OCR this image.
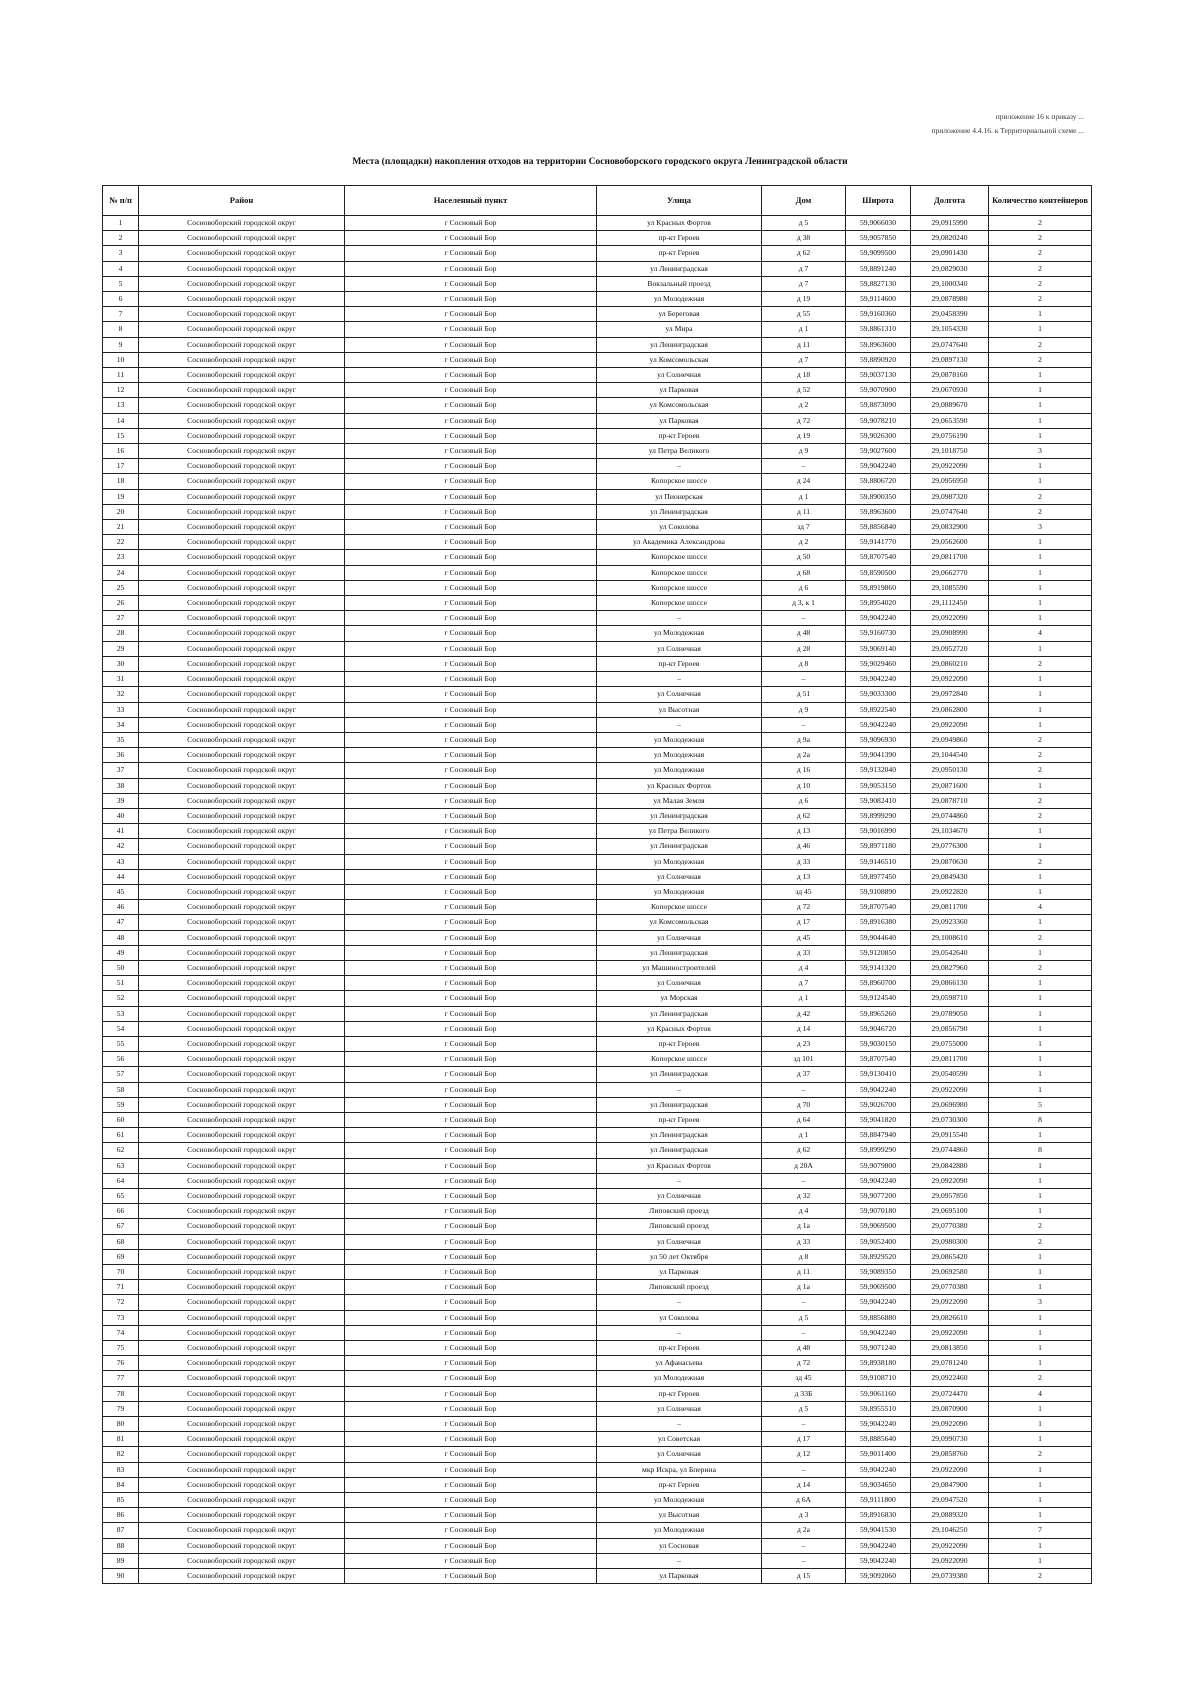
приложение 16 к приказу ...
приложение 4.4.16. к Территориальной схеме ...
Места (площадки) накопления отходов на территории Сосновоборского городского округа Ленинградской области
№ п/п	Район	Населенный пункт	Улица	Дом	Широта	Долгота	Количество контейнеров
1	Сосновоборский городской округ	г Сосновый Бор	ул Красных Фортов	д 5	59,9066030	29,0915990	2
2	Сосновоборский городской округ	г Сосновый Бор	пр-кт Героев	д 38	59,9057850	29,0820240	2
3	Сосновоборский городской округ	г Сосновый Бор	пр-кт Героев	д 62	59,9099500	29,0901430	2
4	Сосновоборский городской округ	г Сосновый Бор	ул Ленинградская	д 7	59,8891240	29,0829030	2
5	Сосновоборский городской округ	г Сосновый Бор	Вокзальный проезд	д 7	59,8827130	29,1000340	2
6	Сосновоборский городской округ	г Сосновый Бор	ул Молодежная	д 19	59,9114600	29,0878980	2
7	Сосновоборский городской округ	г Сосновый Бор	ул Береговая	д 55	59,9160360	29,0458390	1
8	Сосновоборский городской округ	г Сосновый Бор	ул Мира	д 1	59,8861310	29,1054330	1
9	Сосновоборский городской округ	г Сосновый Бор	ул Ленинградская	д 11	59,8963600	29,0747640	2
10	Сосновоборский городской округ	г Сосновый Бор	ул Комсомольская	д 7	59,8890920	29,0897130	2
11	Сосновоборский городской округ	г Сосновый Бор	ул Солнечная	д 18	59,9037130	29,0878160	1
12	Сосновоборский городской округ	г Сосновый Бор	ул Парковая	д 52	59,9070900	29,0670930	1
13	Сосновоборский городской округ	г Сосновый Бор	ул Комсомольская	д 2	59,8873090	29,0889670	1
14	Сосновоборский городской округ	г Сосновый Бор	ул Парковая	д 72	59,9078210	29,0653590	1
15	Сосновоборский городской округ	г Сосновый Бор	пр-кт Героев	д 19	59,9026300	29,0756190	1
16	Сосновоборский городской округ	г Сосновый Бор	ул Петра Великого	д 9	59,9027600	29,1018750	3
17	Сосновоборский городской округ	г Сосновый Бор	–	–	59,9042240	29,0922090	1
18	Сосновоборский городской округ	г Сосновый Бор	Копорское шоссе	д 24	59,8806720	29,0956950	1
19	Сосновоборский городской округ	г Сосновый Бор	ул Пионерская	д 1	59,8900350	29,0987320	2
20	Сосновоборский городской округ	г Сосновый Бор	ул Ленинградская	д 11	59,8963600	29,0747640	2
21	Сосновоборский городской округ	г Сосновый Бор	ул Соколова	зд 7	59,8856840	29,0832900	3
22	Сосновоборский городской округ	г Сосновый Бор	ул Академика Александрова	д 2	59,9141770	29,0562600	1
23	Сосновоборский городской округ	г Сосновый Бор	Копорское шоссе	д 50	59,8707540	29,0811700	1
24	Сосновоборский городской округ	г Сосновый Бор	Копорское шоссе	д 68	59,8590500	29,0662770	1
25	Сосновоборский городской округ	г Сосновый Бор	Копорское шоссе	д 6	59,8919860	29,1085590	1
26	Сосновоборский городской округ	г Сосновый Бор	Копорское шоссе	д 3, к 1	59,8954020	29,1112450	1
27	Сосновоборский городской округ	г Сосновый Бор	–	–	59,9042240	29,0922090	1
28	Сосновоборский городской округ	г Сосновый Бор	ул Молодежная	д 48	59,9160730	29,0908990	4
29	Сосновоборский городской округ	г Сосновый Бор	ул Солнечная	д 28	59,9069140	29,0952720	1
30	Сосновоборский городской округ	г Сосновый Бор	пр-кт Героев	д 8	59,9029460	29,0860210	2
31	Сосновоборский городской округ	г Сосновый Бор	–	–	59,9042240	29,0922090	1
32	Сосновоборский городской округ	г Сосновый Бор	ул Солнечная	д 51	59,9033300	29,0972840	1
33	Сосновоборский городской округ	г Сосновый Бор	ул Высотная	д 9	59,8922540	29,0862800	1
34	Сосновоборский городской округ	г Сосновый Бор	–	–	59,9042240	29,0922090	1
35	Сосновоборский городской округ	г Сосновый Бор	ул Молодежная	д 9а	59,9096930	29,0949860	2
36	Сосновоборский городской округ	г Сосновый Бор	ул Молодежная	д 2а	59,9041390	29,1044540	2
37	Сосновоборский городской округ	г Сосновый Бор	ул Молодежная	д 16	59,9132040	29,0950130	2
38	Сосновоборский городской округ	г Сосновый Бор	ул Красных Фортов	д 10	59,9053150	29,0871600	1
39	Сосновоборский городской округ	г Сосновый Бор	ул Малая Земля	д 6	59,9082410	29,0878710	2
40	Сосновоборский городской округ	г Сосновый Бор	ул Ленинградская	д 62	59,8999290	29,0744860	2
41	Сосновоборский городской округ	г Сосновый Бор	ул Петра Великого	д 13	59,9016990	29,1034670	1
42	Сосновоборский городской округ	г Сосновый Бор	ул Ленинградская	д 46	59,8971180	29,0776300	1
43	Сосновоборский городской округ	г Сосновый Бор	ул Молодежная	д 33	59,9146510	29,0870630	2
44	Сосновоборский городской округ	г Сосновый Бор	ул Солнечная	д 13	59,8977450	29,0849430	1
45	Сосновоборский городской округ	г Сосновый Бор	ул Молодежная	зд 45	59,9108890	29,0922820	1
46	Сосновоборский городской округ	г Сосновый Бор	Копорское шоссе	д 72	59,8707540	29,0811700	4
47	Сосновоборский городской округ	г Сосновый Бор	ул Комсомольская	д 17	59,8916380	29,0923360	1
48	Сосновоборский городской округ	г Сосновый Бор	ул Солнечная	д 45	59,9044640	29,1008610	2
49	Сосновоборский городской округ	г Сосновый Бор	ул Ленинградская	д 33	59,9120850	29,0542640	1
50	Сосновоборский городской округ	г Сосновый Бор	ул Машиностроителей	д 4	59,9141320	29,0827960	2
51	Сосновоборский городской округ	г Сосновый Бор	ул Солнечная	д 7	59,8960700	29,0866130	1
52	Сосновоборский городской округ	г Сосновый Бор	ул Морская	д 1	59,9124540	29,0598710	1
53	Сосновоборский городской округ	г Сосновый Бор	ул Ленинградская	д 42	59,8965260	29,0789050	1
54	Сосновоборский городской округ	г Сосновый Бор	ул Красных Фортов	д 14	59,9046720	29,0856790	1
55	Сосновоборский городской округ	г Сосновый Бор	пр-кт Героев	д 23	59,9030150	29,0755000	1
56	Сосновоборский городской округ	г Сосновый Бор	Копорское шоссе	зд 101	59,8707540	29,0811700	1
57	Сосновоборский городской округ	г Сосновый Бор	ул Ленинградская	д 37	59,9130410	29,0540590	1
58	Сосновоборский городской округ	г Сосновый Бор	–	–	59,9042240	29,0922090	1
59	Сосновоборский городской округ	г Сосновый Бор	ул Ленинградская	д 70	59,9026700	29,0696980	5
60	Сосновоборский городской округ	г Сосновый Бор	пр-кт Героев	д 64	59,9041820	29,0730300	8
61	Сосновоборский городской округ	г Сосновый Бор	ул Ленинградская	д 1	59,8847940	29,0915540	1
62	Сосновоборский городской округ	г Сосновый Бор	ул Ленинградская	д 62	59,8999290	29,0744860	8
63	Сосновоборский городской округ	г Сосновый Бор	ул Красных Фортов	д 20А	59,9079800	29,0842880	1
64	Сосновоборский городской округ	г Сосновый Бор	–	–	59,9042240	29,0922090	1
65	Сосновоборский городской округ	г Сосновый Бор	ул Солнечная	д 32	59,9077200	29,0957850	1
66	Сосновоборский городской округ	г Сосновый Бор	Липовский проезд	д 4	59,9070180	29,0695100	1
67	Сосновоборский городской округ	г Сосновый Бор	Липовский проезд	д 1а	59,9069500	29,0770380	2
68	Сосновоборский городской округ	г Сосновый Бор	ул Солнечная	д 33	59,9052400	29,0980300	2
69	Сосновоборский городской округ	г Сосновый Бор	ул 50 лет Октября	д 8	59,8929520	29,0865420	1
70	Сосновоборский городской округ	г Сосновый Бор	ул Парковая	д 11	59,9089350	29,0692580	1
71	Сосновоборский городской округ	г Сосновый Бор	Липовский проезд	д 1а	59,9069500	29,0770380	1
72	Сосновоборский городской округ	г Сосновый Бор	–	–	59,9042240	29,0922090	3
73	Сосновоборский городской округ	г Сосновый Бор	ул Соколова	д 5	59,8856880	29,0826610	1
74	Сосновоборский городской округ	г Сосновый Бор	–	–	59,9042240	29,0922090	1
75	Сосновоборский городской округ	г Сосновый Бор	пр-кт Героев	д 48	59,9071240	29,0813850	1
76	Сосновоборский городской округ	г Сосновый Бор	ул Афанасьева	д 72	59,8938180	29,0781240	1
77	Сосновоборский городской округ	г Сосновый Бор	ул Молодежная	зд 45	59,9108710	29,0922460	2
78	Сосновоборский городской округ	г Сосновый Бор	пр-кт Героев	д 33Б	59,9061160	29,0724470	4
79	Сосновоборский городской округ	г Сосновый Бор	ул Солнечная	д 5	59,8955510	29,0870900	1
80	Сосновоборский городской округ	г Сосновый Бор	–	–	59,9042240	29,0922090	1
81	Сосновоборский городской округ	г Сосновый Бор	ул Советская	д 17	59,8885640	29,0990730	1
82	Сосновоборский городской округ	г Сосновый Бор	ул Солнечная	д 12	59,9011400	29,0858760	2
83	Сосновоборский городской округ	г Сосновый Бор	мкр Искра, ул Бперина	–	59,9042240	29,0922090	1
84	Сосновоборский городской округ	г Сосновый Бор	пр-кт Героев	д 14	59,9034650	29,0847900	1
85	Сосновоборский городской округ	г Сосновый Бор	ул Молодежная	д 6А	59,9111800	29,0947520	1
86	Сосновоборский городской округ	г Сосновый Бор	ул Высотная	д 3	59,8916830	29,0889320	1
87	Сосновоборский городской округ	г Сосновый Бор	ул Молодежная	д 2а	59,9041530	29,1046250	7
88	Сосновоборский городской округ	г Сосновый Бор	ул Сосновая	–	59,9042240	29,0922090	1
89	Сосновоборский городской округ	г Сосновый Бор	–	–	59,9042240	29,0922090	1
90	Сосновоборский городской округ	г Сосновый Бор	ул Парковая	д 15	59,9092060	29,0739380	2
